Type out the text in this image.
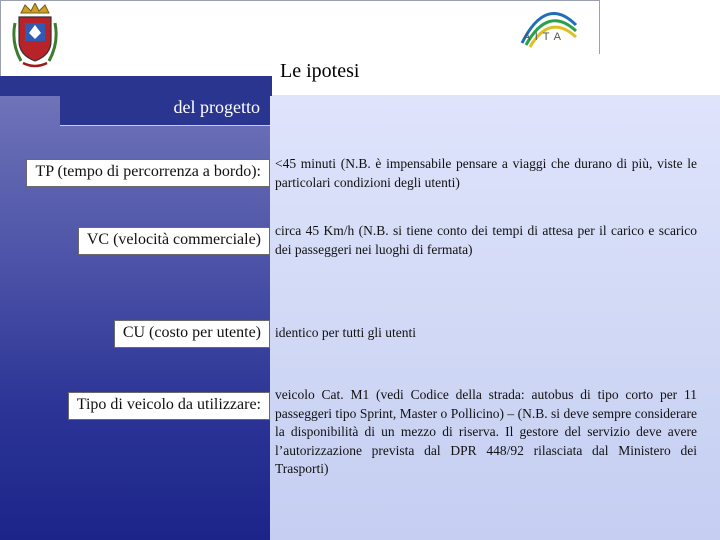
A I T A
Le ipotesi
del progetto
TP (tempo di percorrenza a bordo):	<45 minuti (N.B. è impensabile pensare a viaggi che durano di più, viste le particolari condizioni degli utenti)
VC (velocità commerciale)
circa 45 Km/h (N.B. si tiene conto dei tempi di attesa per il carico e scarico dei passeggeri nei luoghi di fermata)
CU (costo per utente)	identico per tutti gli utenti
Tipo di veicolo da utilizzare:
veicolo Cat. M1 (vedi Codice della strada: autobus di tipo corto per 11 passeggeri tipo Sprint, Master o Pollicino) – (N.B. si deve sempre considerare la disponibilità di un mezzo di riserva. Il gestore del servizio deve avere l’autorizzazione prevista dal DPR 448/92 rilasciata dal Ministero dei Trasporti)
